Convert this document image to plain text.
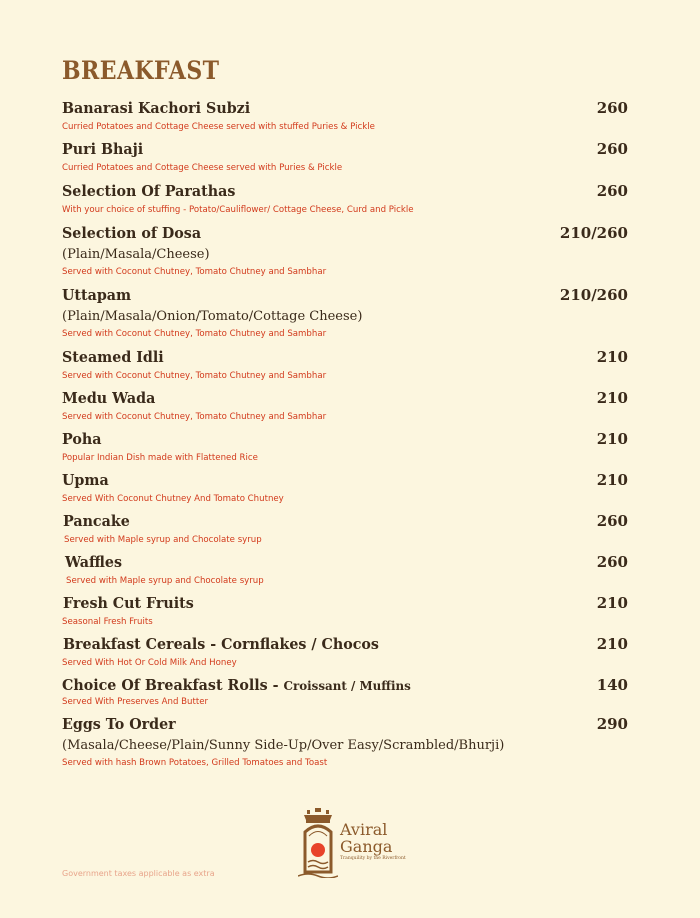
BREAKFAST
Banarasi Kachori Subzi	260
Curried Potatoes and Cottage Cheese served with stuffed Puries & Pickle
Puri Bhaji	260
Curried Potatoes and Cottage Cheese served with Puries & Pickle
Selection Of Parathas	260
With your choice of stuffing - Potato/Cauliflower/ Cottage Cheese, Curd and Pickle
Selection of Dosa	210/260
(Plain/Masala/Cheese)
Served with Coconut Chutney, Tomato Chutney and Sambhar
Uttapam	210/260
(Plain/Masala/Onion/Tomato/Cottage Cheese)
Served with Coconut Chutney, Tomato Chutney and Sambhar
Steamed Idli	210
Served with Coconut Chutney, Tomato Chutney and Sambhar
Medu Wada	210
Served with Coconut Chutney, Tomato Chutney and Sambhar
Poha	210
Popular Indian Dish made with Flattened Rice
Upma	210
Served With Coconut Chutney And Tomato Chutney
Pancake	260
Served with Maple syrup and Chocolate syrup
Waffles	260
Served with Maple syrup and Chocolate syrup
Fresh Cut Fruits	210
Seasonal Fresh Fruits
Breakfast Cereals - Cornflakes / Chocos	210
Served With Hot Or Cold Milk And Honey
Choice Of Breakfast Rolls - Croissant / Muffins	140
Served With Preserves And Butter
Eggs To Order	290
(Masala/Cheese/Plain/Sunny Side-Up/Over Easy/Scrambled/Bhurji)
Served with hash Brown Potatoes, Grilled Tomatoes and Toast
Aviral
Ganga
Tranquility by the Riverfront
Government taxes applicable as extra
